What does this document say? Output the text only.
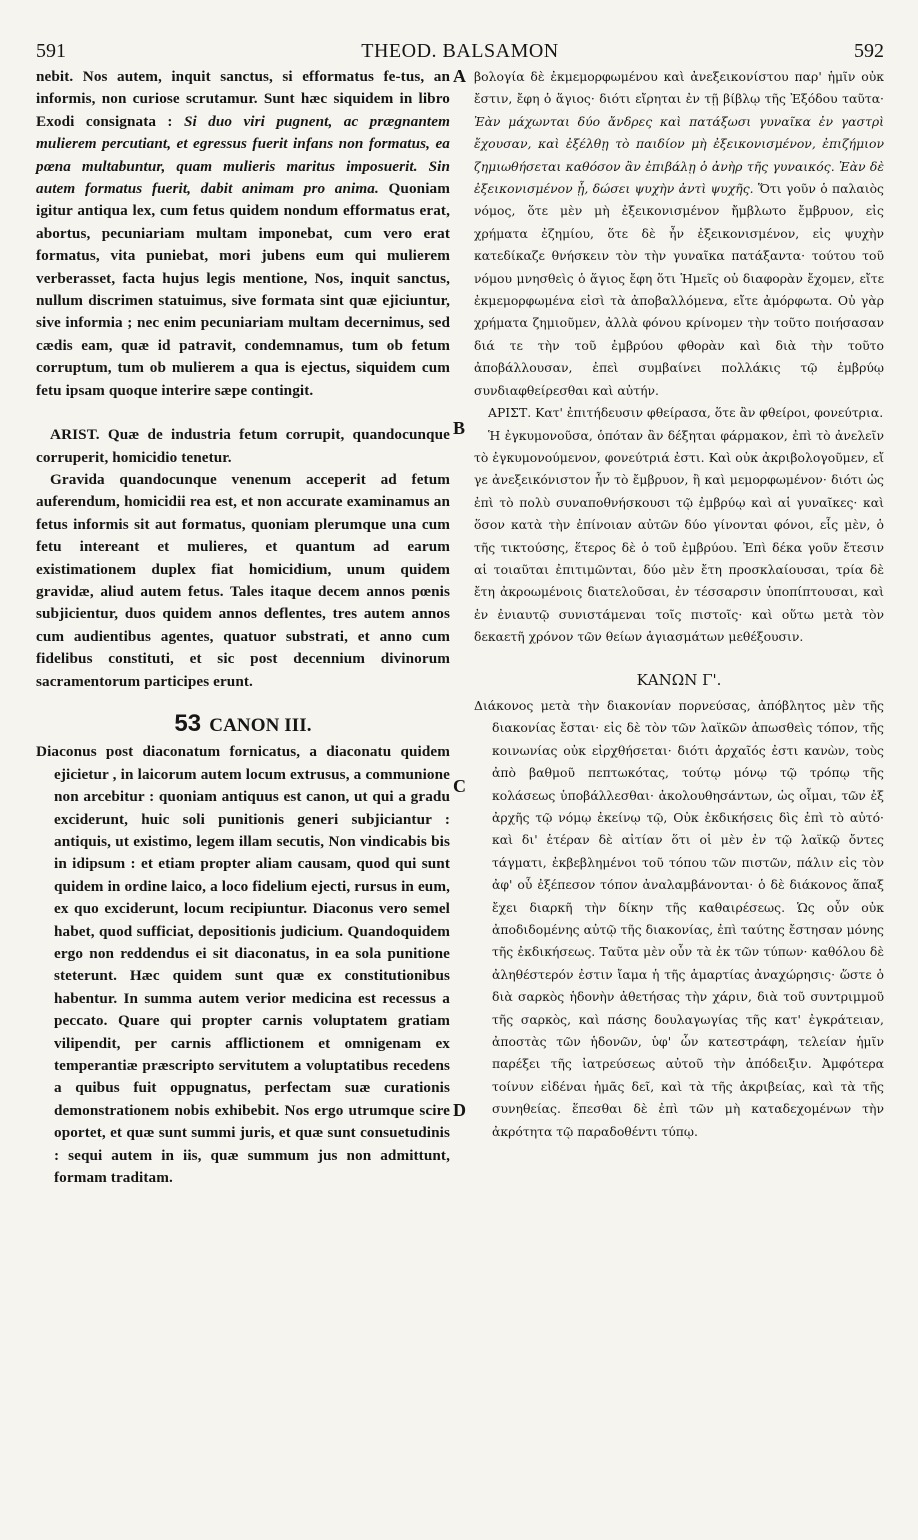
591	THEOD. BALSAMON	592
A
B
C
D

nebit. Nos autem, inquit sanctus, si efformatus fe-tus, an informis, non curiose scrutamur. Sunt hæc siquidem in libro Exodi consignata : Si duo viri pugnent, ac prægnantem mulierem percutiant, et egressus fuerit infans non formatus, ea pœna multabuntur, quam mulieris maritus imposuerit. Sin autem formatus fuerit, dabit animam pro anima. Quoniam igitur antiqua lex, cum fetus quidem nondum efformatus erat, abortus, pecuniariam multam imponebat, cum vero erat formatus, vita puniebat, mori jubens eum qui mulierem verberasset, facta hujus legis mentione, Nos, inquit sanctus, nullum discrimen statuimus, sive formata sint quæ ejiciuntur, sive informia ; nec enim pecuniariam multam decernimus, sed cædis eam, quæ id patravit, condemnamus, tum ob fetum corruptum, tum ob mulierem a qua is ejectus, siquidem cum fetu ipsam quoque interire sæpe contingit.

ARIST. Quæ de industria fetum corrupit, quandocunque corruperit, homicidio tenetur.

Gravida quandocunque venenum acceperit ad fetum auferendum, homicidii rea est, et non accurate examinamus an fetus informis sit aut formatus, quoniam plerumque una cum fetu intereant et mulieres, et quantum ad earum existimationem duplex fiat homicidium, unum quidem gravidæ, aliud autem fetus. Tales itaque decem annos pœnis subjicientur, duos quidem annos deflentes, tres autem annos cum audientibus agentes, quatuor substrati, et anno cum fidelibus constituti, et sic post decennium divinorum sacramentorum participes erunt.

53 CANON III.

Diaconus post diaconatum fornicatus, a diaconatu quidem ejicietur , in laicorum autem locum extrusus, a communione non arcebitur : quoniam antiquus est canon, ut qui a gradu exciderunt, huic soli punitionis generi subjiciantur : antiquis, ut existimo, legem illam secutis, Non vindicabis bis in idipsum : et etiam propter aliam causam, quod qui sunt quidem in ordine laico, a loco fidelium ejecti, rursus in eum, ex quo exciderunt, locum recipiuntur. Diaconus vero semel habet, quod sufficiat, depositionis judicium. Quandoquidem ergo non reddendus ei sit diaconatus, in ea sola punitione steterunt. Hæc quidem sunt quæ ex constitutionibus habentur. In summa autem verior medicina est recessus a peccato. Quare qui propter carnis voluptatem gratiam vilipendit, per carnis afflictionem et omnigenam ex temperantiæ præscripto servitutem a voluptatibus recedens a quibus fuit oppugnatus, perfectam suæ curationis demonstrationem nobis exhibebit. Nos ergo utrumque scire oportet, et quæ sunt summi juris, et quæ sunt consuetudinis : sequi autem in iis, quæ summum jus non admittunt, formam traditam.

βολογία δὲ ἐκμεμορφωμένου καὶ ἀνεξεικονίστου παρ' ἡμῖν οὐκ ἔστιν, ἔφη ὁ ἅγιος· διότι εἴρηται ἐν τῇ βίβλῳ τῆς Ἐξόδου ταῦτα· Ἐὰν μάχωνται δύο ἄνδρες καὶ πατάξωσι γυναῖκα ἐν γαστρὶ ἔχουσαν, καὶ ἐξέλθῃ τὸ παιδίον μὴ ἐξεικονισμένον, ἐπιζήμιον ζημιωθήσεται καθόσον ἂν ἐπιβάλῃ ὁ ἀνὴρ τῆς γυναικός. Ἐὰν δὲ ἐξεικονισμένον ᾖ, δώσει ψυχὴν ἀντὶ ψυχῆς. Ὅτι γοῦν ὁ παλαιὸς νόμος, ὅτε μὲν μὴ ἐξεικονισμένον ἤμβλωτο ἔμβρυον, εἰς χρήματα ἐζημίου, ὅτε δὲ ἦν ἐξεικονισμένον, εἰς ψυχὴν κατεδίκαζε θνήσκειν τὸν τὴν γυναῖκα πατάξαντα· τούτου τοῦ νόμου μνησθεὶς ὁ ἅγιος ἔφη ὅτι Ἡμεῖς οὐ διαφορὰν ἔχομεν, εἴτε ἐκμεμορφωμένα εἰσὶ τὰ ἀποβαλλόμενα, εἴτε ἀμόρφωτα. Οὐ γὰρ χρήματα ζημιοῦμεν, ἀλλὰ φόνου κρίνομεν τὴν τοῦτο ποιήσασαν διά τε τὴν τοῦ ἐμβρύου φθορὰν καὶ διὰ τὴν τοῦτο ἀποβάλλουσαν, ἐπεὶ συμβαίνει πολλάκις τῷ ἐμβρύῳ συνδιαφθείρεσθαι καὶ αὐτήν.

ΑΡΙΣΤ. Κατ' ἐπιτήδευσιν φθείρασα, ὅτε ἂν φθείροι, φονεύτρια.

Ἡ ἐγκυμονοῦσα, ὁπόταν ἂν δέξηται φάρμακον, ἐπὶ τὸ ἀνελεῖν τὸ ἐγκυμονούμενον, φονεύτριά ἐστι. Καὶ οὐκ ἀκριβολογοῦμεν, εἴ γε ἀνεξεικόνιστον ἦν τὸ ἔμβρυον, ἢ καὶ μεμορφωμένον· διότι ὡς ἐπὶ τὸ πολὺ συναποθνήσκουσι τῷ ἐμβρύῳ καὶ αἱ γυναῖκες· καὶ ὅσον κατὰ τὴν ἐπίνοιαν αὐτῶν δύο γίνονται φόνοι, εἷς μὲν, ὁ τῆς τικτούσης, ἕτερος δὲ ὁ τοῦ ἐμβρύου. Ἐπὶ δέκα γοῦν ἔτεσιν αἱ τοιαῦται ἐπιτιμῶνται, δύο μὲν ἔτη προσκλαίουσαι, τρία δὲ ἔτη ἀκροωμένοις διατελοῦσαι, ἐν τέσσαρσιν ὑποπίπτουσαι, καὶ ἐν ἐνιαυτῷ συνιστάμεναι τοῖς πιστοῖς· καὶ οὕτω μετὰ τὸν δεκαετῆ χρόνον τῶν θείων ἁγιασμάτων μεθέξουσιν.

ΚΑΝΩΝ Γ'.

Διάκονος μετὰ τὴν διακονίαν πορνεύσας, ἀπόβλητος μὲν τῆς διακονίας ἔσται· εἰς δὲ τὸν τῶν λαϊκῶν ἀπωσθεὶς τόπον, τῆς κοινωνίας οὐκ εἰρχθήσεται· διότι ἀρχαῖός ἐστι κανὼν, τοὺς ἀπὸ βαθμοῦ πεπτωκότας, τούτῳ μόνῳ τῷ τρόπῳ τῆς κολάσεως ὑποβάλλεσθαι· ἀκολουθησάντων, ὡς οἶμαι, τῶν ἐξ ἀρχῆς τῷ νόμῳ ἐκείνῳ τῷ, Οὐκ ἐκδικήσεις δὶς ἐπὶ τὸ αὐτό· καὶ δι' ἑτέραν δὲ αἰτίαν ὅτι οἱ μὲν ἐν τῷ λαϊκῷ ὄντες τάγματι, ἐκβεβλημένοι τοῦ τόπου τῶν πιστῶν, πάλιν εἰς τὸν ἀφ' οὗ ἐξέπεσον τόπον ἀναλαμβάνονται· ὁ δὲ διάκονος ἅπαξ ἔχει διαρκῆ τὴν δίκην τῆς καθαιρέσεως. Ὡς οὖν οὐκ ἀποδιδομένης αὐτῷ τῆς διακονίας, ἐπὶ ταύτης ἔστησαν μόνης τῆς ἐκδικήσεως. Ταῦτα μὲν οὖν τὰ ἐκ τῶν τύπων· καθόλου δὲ ἀληθέστερόν ἐστιν ἴαμα ἡ τῆς ἁμαρτίας ἀναχώρησις· ὥστε ὁ διὰ σαρκὸς ἡδονὴν ἀθετήσας τὴν χάριν, διὰ τοῦ συντριμμοῦ τῆς σαρκὸς, καὶ πάσης δουλαγωγίας τῆς κατ' ἐγκράτειαν, ἀποστὰς τῶν ἡδονῶν, ὑφ' ὧν κατεστράφη, τελείαν ἡμῖν παρέξει τῆς ἰατρεύσεως αὐτοῦ τὴν ἀπόδειξιν. Ἀμφότερα τοίνυν εἰδέναι ἡμᾶς δεῖ, καὶ τὰ τῆς ἀκριβείας, καὶ τὰ τῆς συνηθείας. ἕπεσθαι δὲ ἐπὶ τῶν μὴ καταδεχομένων τὴν ἀκρότητα τῷ παραδοθέντι τύπῳ.
